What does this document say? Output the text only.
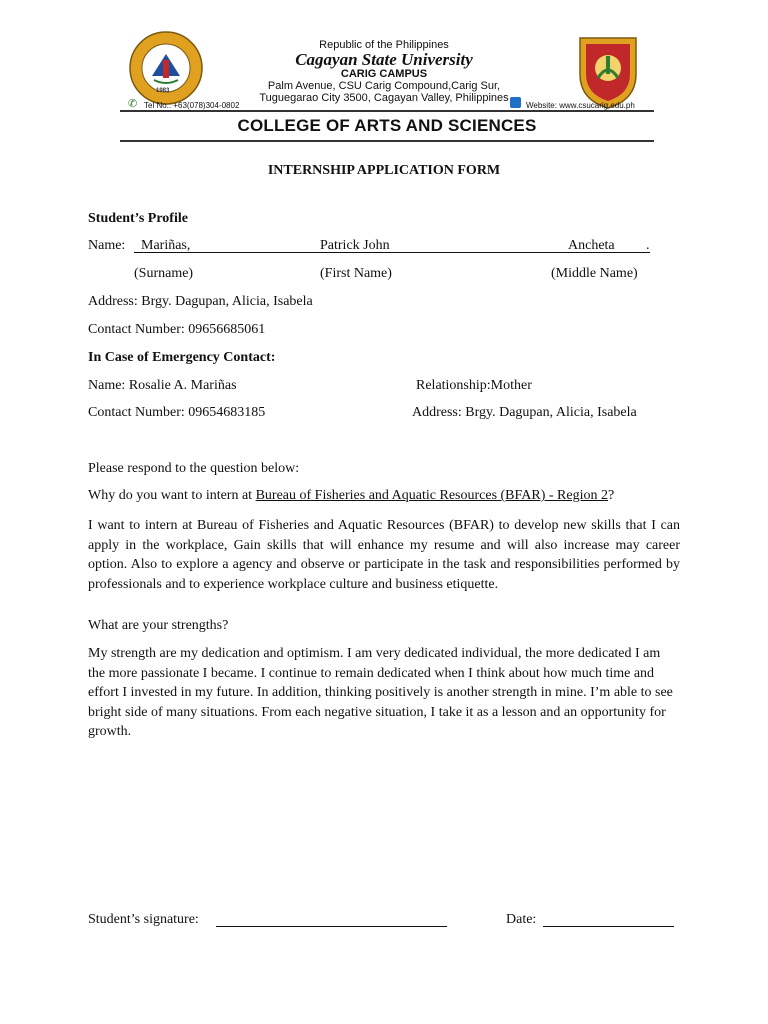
1983
Republic of the Philippines
Cagayan State University
CARIG CAMPUS
Palm Avenue, CSU Carig Compound,Carig Sur,
Tuguegarao City 3500, Cagayan Valley, Philippines
✆ Tel No.: +63(078)304-0802	Website: www.csucarig.edu.ph
COLLEGE OF ARTS AND SCIENCES
INTERNSHIP APPLICATION FORM
Student’s Profile
Name: Mariñas,	Patrick John	Ancheta .
(Surname)	(First Name)	(Middle Name)
Address: Brgy. Dagupan, Alicia, Isabela
Contact Number: 09656685061
In Case of Emergency Contact:
Name: Rosalie A. Mariñas	Relationship:Mother
Contact Number: 09654683185	Address: Brgy. Dagupan, Alicia, Isabela
Please respond to the question below:
Why do you want to intern at Bureau of Fisheries and Aquatic Resources (BFAR) - Region 2?
I want to intern at Bureau of Fisheries and Aquatic Resources (BFAR) to develop new skills that I can apply in the workplace, Gain skills that will enhance my resume and will also increase may career option. Also to explore a agency and observe or participate in the task and responsibilities performed by professionals and to experience workplace culture and business etiquette.
What are your strengths?
My strength are my dedication and optimism. I am very dedicated individual, the more dedicated I am the more passionate I became. I continue to remain dedicated when I think about how much time and effort I invested in my future. In addition, thinking positively is another strength in mine. I’m able to see bright side of many situations. From each negative situation, I take it as a lesson and an opportunity for growth.
Student’s signature:	Date:
